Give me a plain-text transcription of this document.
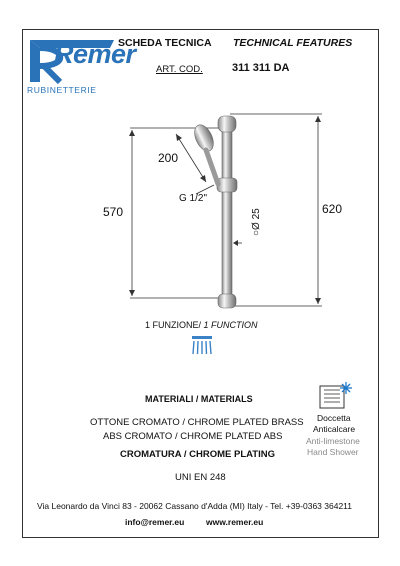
Remer
RUBINETTERIE
SCHEDA TECNICA TECHNICAL FEATURES
ART. COD.	311 311 DA
200
570	620
G 1/2"
○Ø 25
1 FUNZIONE/ 1 FUNCTION
MATERIALI / MATERIALS
OTTONE CROMATO / CHROME PLATED BRASS
ABS CROMATO / CHROME PLATED ABS
CROMATURA / CHROME PLATING
UNI EN 248
Doccetta
Anticalcare
Anti-limestone
Hand Shower
Via Leonardo da Vinci 83 - 20062 Cassano d'Adda (MI) Italy - Tel. +39-0363 364211
info@remer.eu	www.remer.eu
